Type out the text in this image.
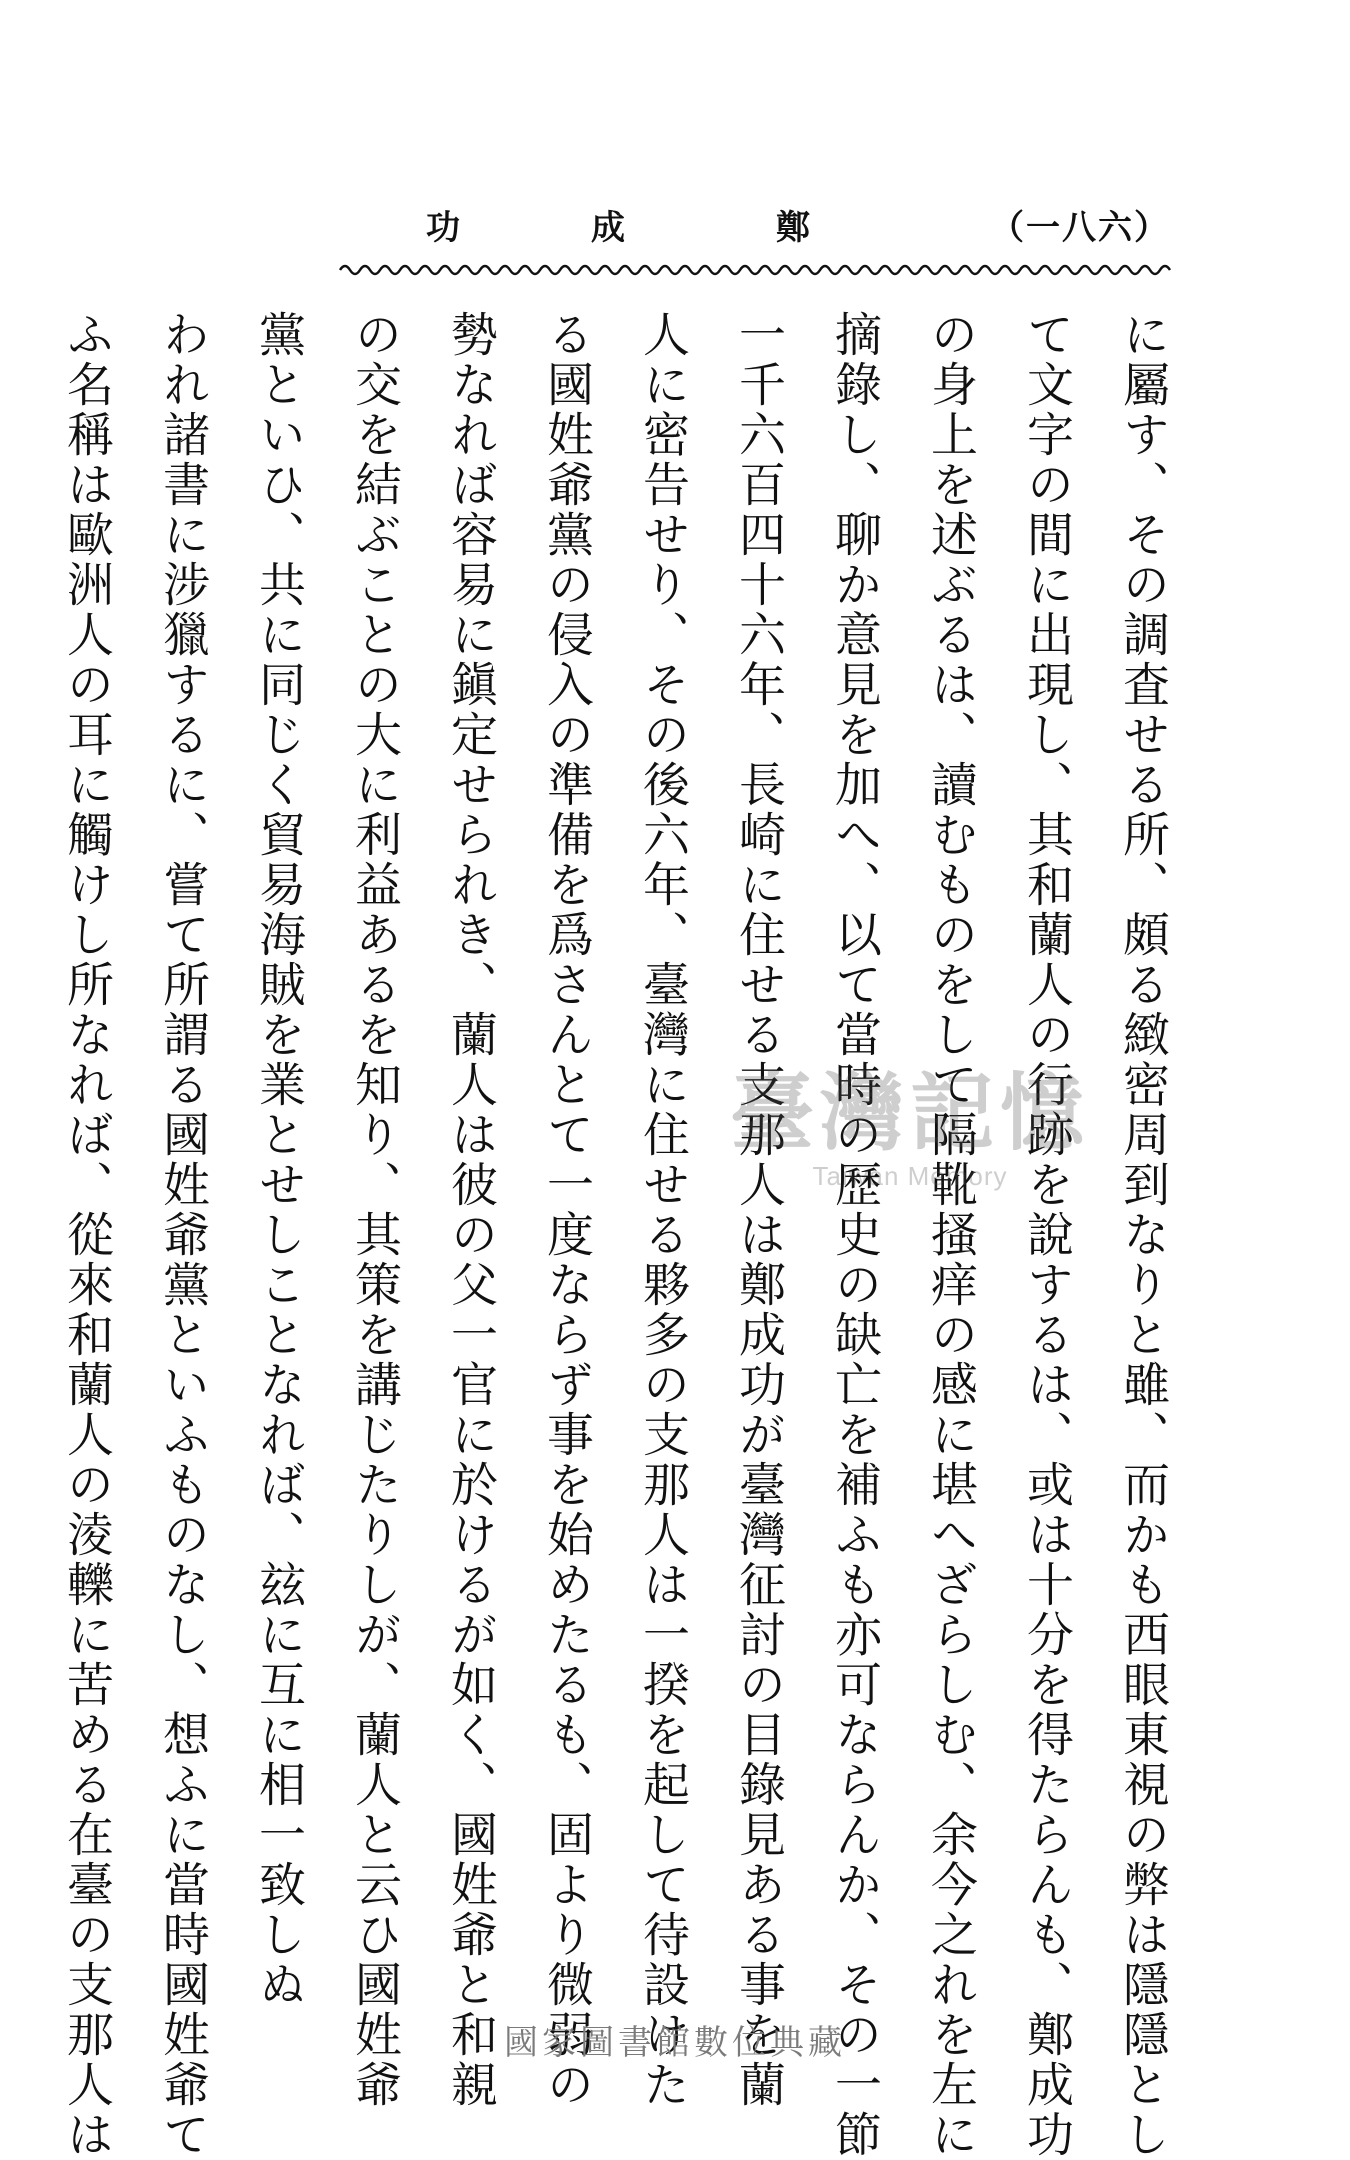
（一八六）
鄭
成
功
に屬す、その調査せる所、頗る緻密周到なりと雖、而かも西眼東視の弊は隱隱とし
て文字の間に出現し、其和蘭人の行跡を說するは、或は十分を得たらんも、鄭成功
の身上を述ぶるは、讀むものをして隔靴搔痒の感に堪へざらしむ、余今之れを左に
摘錄し、聊か意見を加へ、以て當時の歷史の缺亡を補ふも亦可ならんか、その一節
一千六百四十六年、長崎に住せる支那人は鄭成功が臺灣征討の目錄見ある事を蘭
人に密告せり、その後六年、臺灣に住せる夥多の支那人は一揆を起して待設けた
る國姓爺黨の侵入の準備を爲さんとて一度ならず事を始めたるも、固より微弱の
勢なれば容易に鎭定せられき、蘭人は彼の父一官に於けるが如く、國姓爺と和親
の交を結ぶことの大に利益あるを知り、其策を講じたりしが、蘭人と云ひ國姓爺
黨といひ、共に同じく貿易海賊を業とせしことなれば、玆に互に相一致しぬ
われ諸書に涉獵するに、嘗て所謂る國姓爺黨といふものなし、想ふに當時國姓爺て
ふ名稱は歐洲人の耳に觸けし所なれば、從來和蘭人の淩轢に苦める在臺の支那人は	臺灣記憶
Taiwan Memory
國家圖書館數位典藏
